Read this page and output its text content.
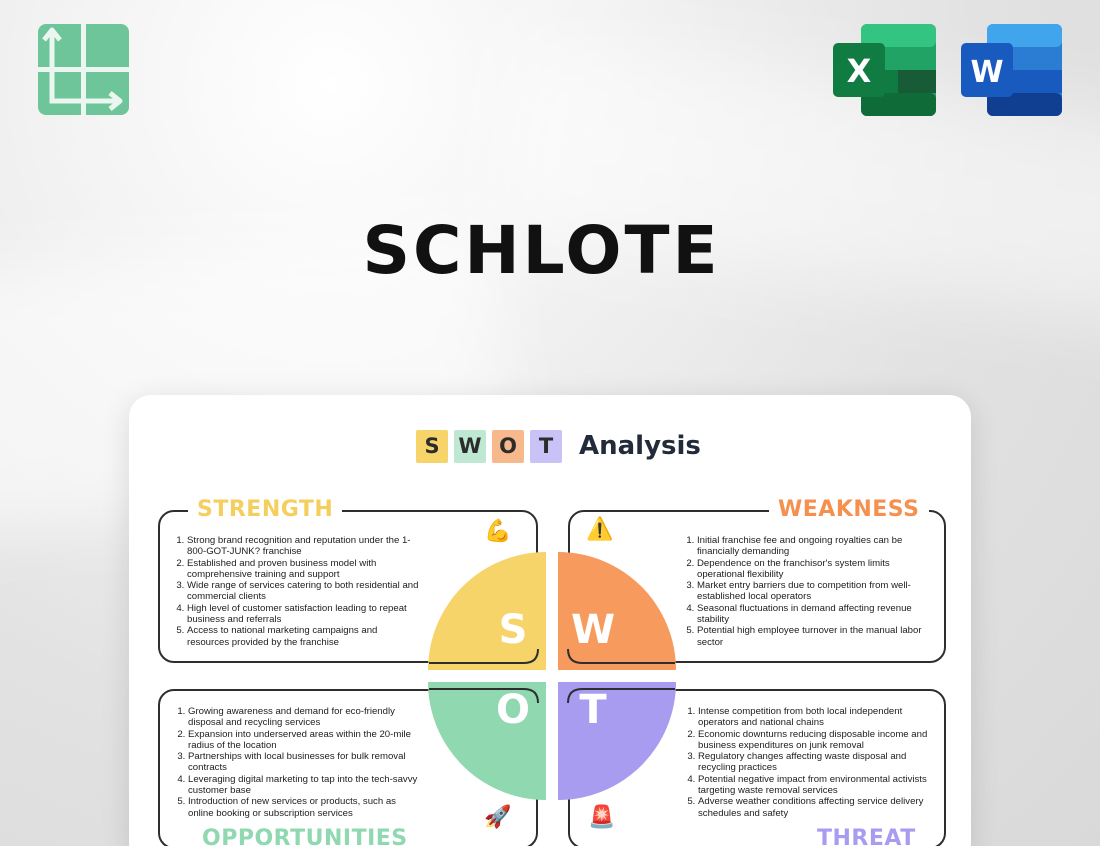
X	W
SCHLOTE
S W O	T Analysis
S	W
O	T
STRENGTH	WEAKNESS
OPPORTUNITIES	THREAT
💪	⚠️
🚀	🚨
1. Strong brand recognition and reputation under the 1-800-GOT-JUNK? franchise
2. Established and proven business model with comprehensive training and support
3. Wide range of services catering to both residential and commercial clients
4. High level of customer satisfaction leading to repeat business and referrals
5. Access to national marketing campaigns and resources provided by the franchise
1. Initial franchise fee and ongoing royalties can be financially demanding
2. Dependence on the franchisor's system limits operational flexibility
3. Market entry barriers due to competition from well-established local operators
4. Seasonal fluctuations in demand affecting revenue stability
5. Potential high employee turnover in the manual labor sector
1. Growing awareness and demand for eco-friendly disposal and recycling services
2. Expansion into underserved areas within the 20-mile radius of the location
3. Partnerships with local businesses for bulk removal contracts
4. Leveraging digital marketing to tap into the tech-savvy customer base
5. Introduction of new services or products, such as online booking or subscription services
1. Intense competition from both local independent operators and national chains
2. Economic downturns reducing disposable income and business expenditures on junk removal
3. Regulatory changes affecting waste disposal and recycling practices
4. Potential negative impact from environmental activists targeting waste removal services
5. Adverse weather conditions affecting service delivery schedules and safety
